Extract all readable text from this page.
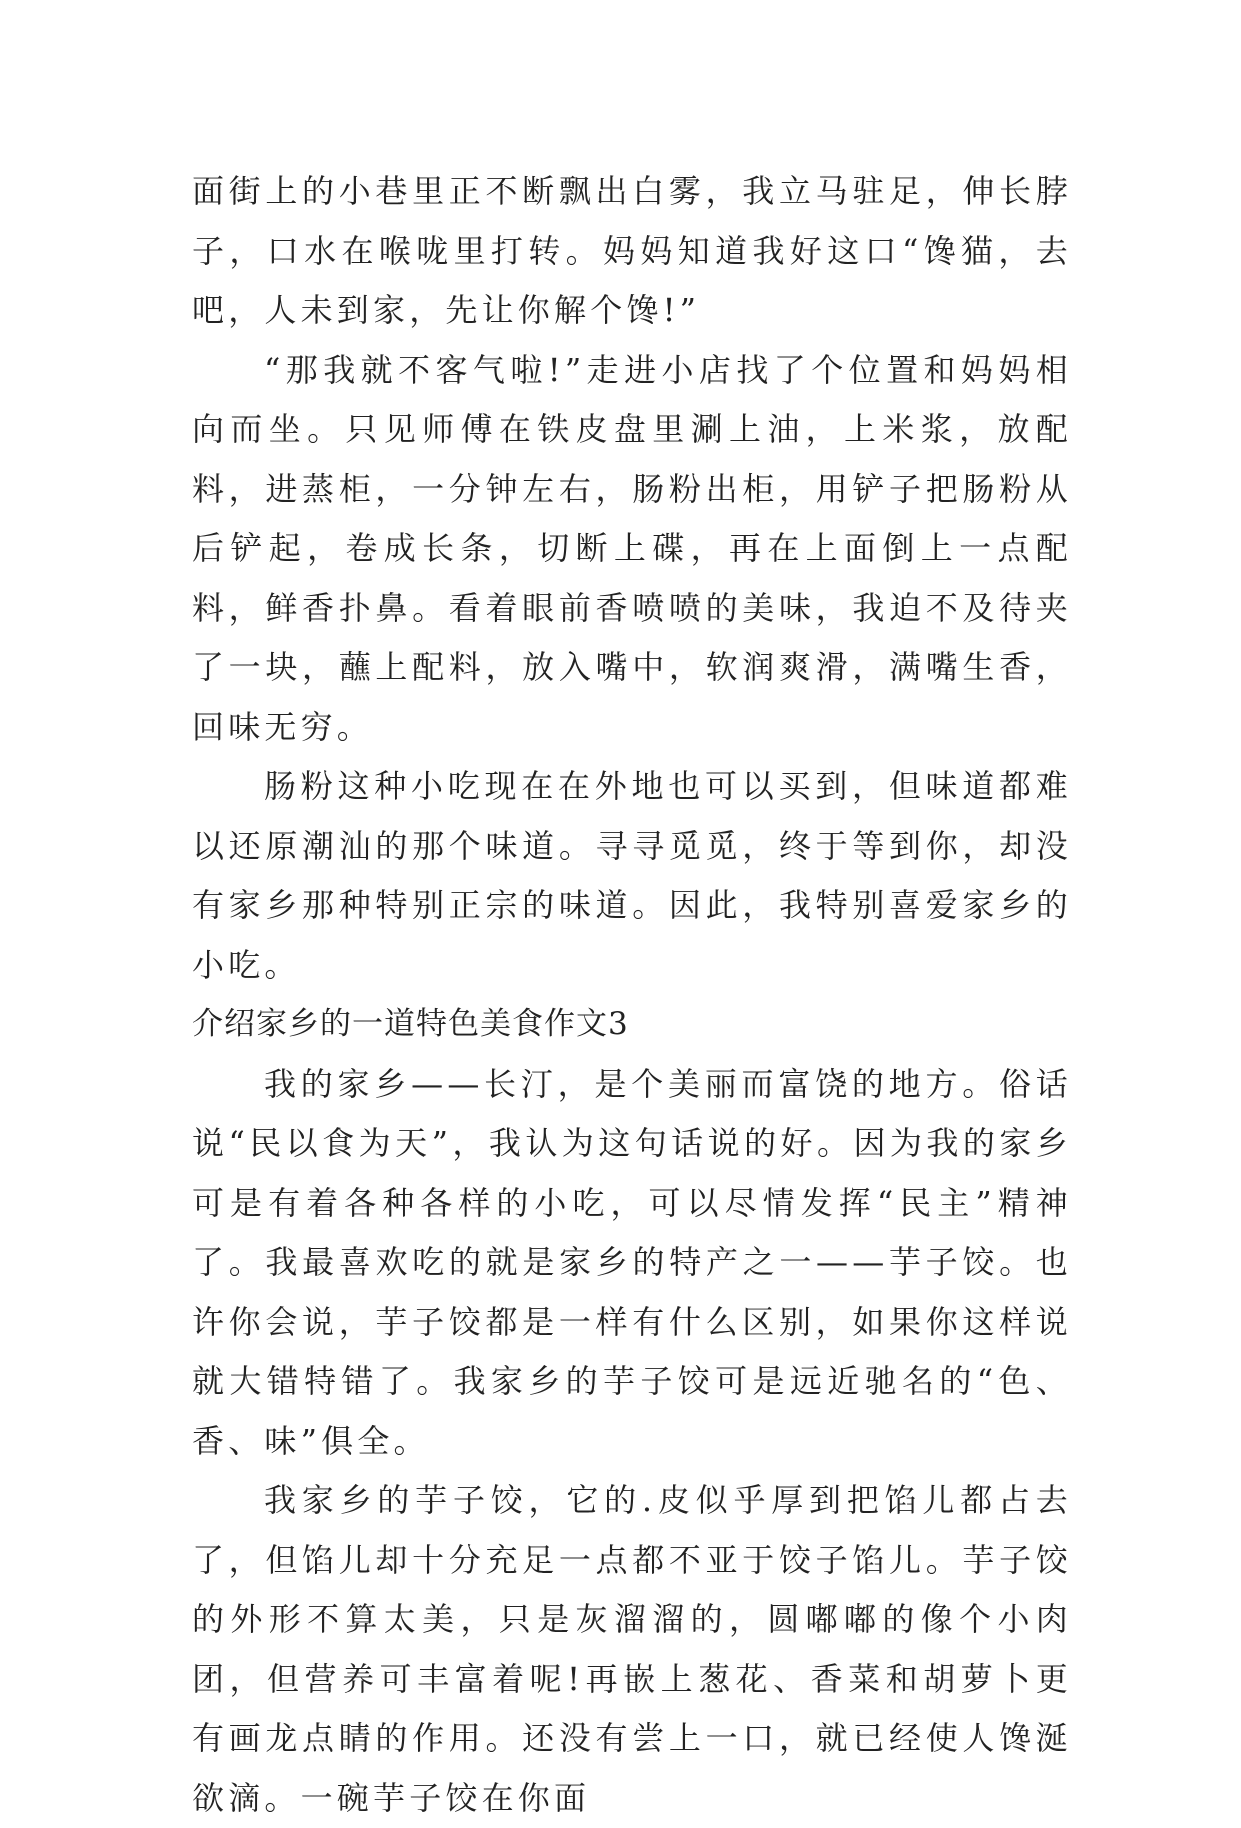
面街上的小巷里正不断飘出白雾，我立马驻足，伸长脖子，口水在喉咙里打转。妈妈知道我好这口“馋猫，去吧，人未到家，先让你解个馋!”

“那我就不客气啦!”走进小店找了个位置和妈妈相向而坐。只见师傅在铁皮盘里涮上油，上米浆，放配料，进蒸柜，一分钟左右，肠粉出柜，用铲子把肠粉从后铲起，卷成长条，切断上碟，再在上面倒上一点配料，鲜香扑鼻。看着眼前香喷喷的美味，我迫不及待夹了一块，蘸上配料，放入嘴中，软润爽滑，满嘴生香，回味无穷。

肠粉这种小吃现在在外地也可以买到，但味道都难以还原潮汕的那个味道。寻寻觅觅，终于等到你，却没有家乡那种特别正宗的味道。因此，我特别喜爱家乡的小吃。

介绍家乡的一道特色美食作文3

我的家乡——长汀，是个美丽而富饶的地方。俗话说“民以食为天”，我认为这句话说的好。因为我的家乡可是有着各种各样的小吃，可以尽情发挥“民主”精神了。我最喜欢吃的就是家乡的特产之一——芋子饺。也许你会说，芋子饺都是一样有什么区别，如果你这样说就大错特错了。我家乡的芋子饺可是远近驰名的“色、香、味”俱全。

我家乡的芋子饺，它的.皮似乎厚到把馅儿都占去了，但馅儿却十分充足一点都不亚于饺子馅儿。芋子饺的外形不算太美，只是灰溜溜的，圆嘟嘟的像个小肉团，但营养可丰富着呢!再嵌上葱花、香菜和胡萝卜更有画龙点睛的作用。还没有尝上一口，就已经使人馋涎欲滴。一碗芋子饺在你面
